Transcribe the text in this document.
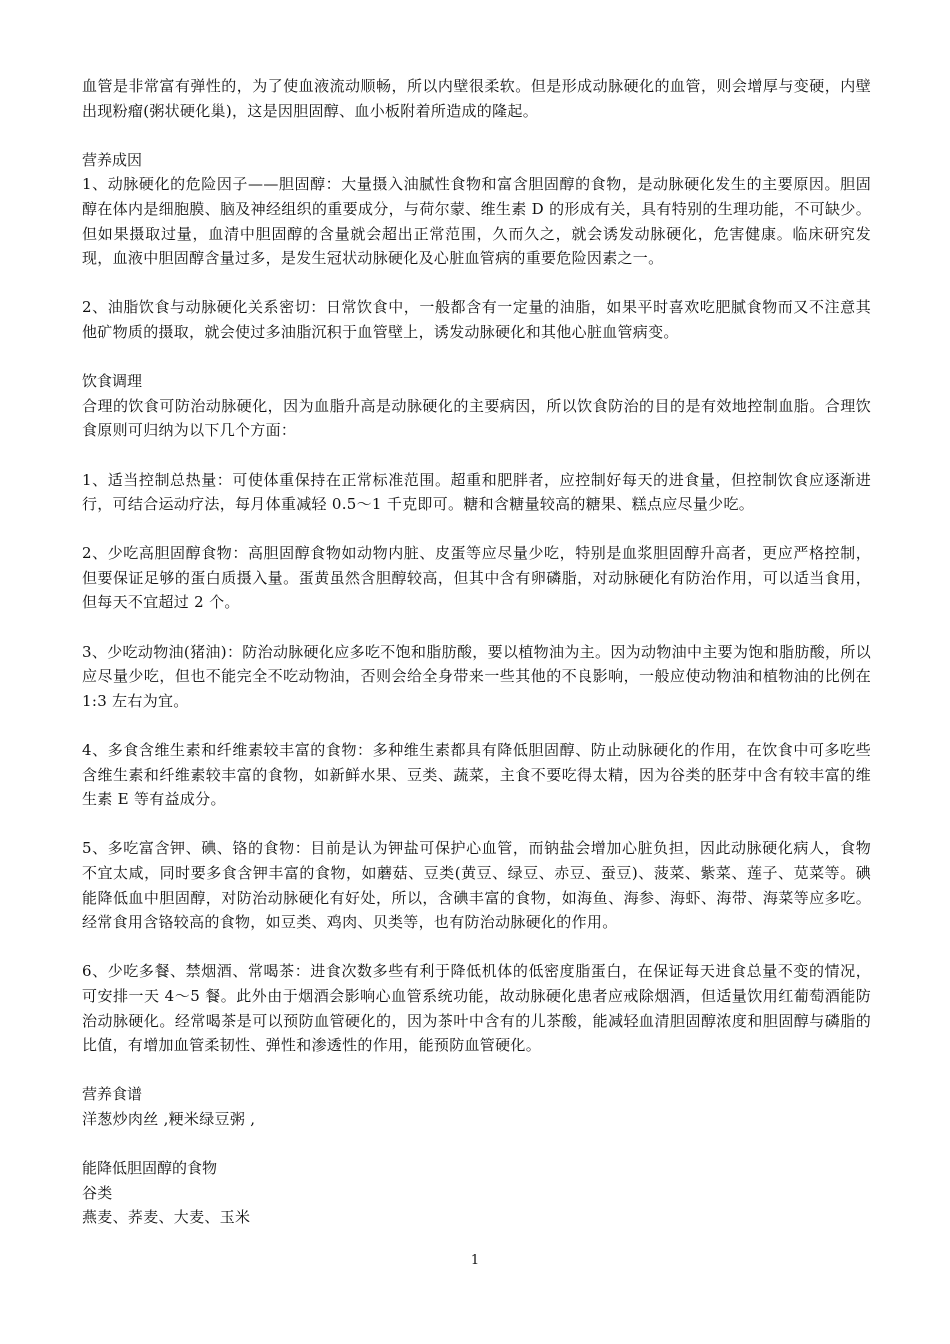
血管是非常富有弹性的，为了使血液流动顺畅，所以内壁很柔软。但是形成动脉硬化的血管，则会增厚与变硬，内壁出现粉瘤(粥状硬化巢)，这是因胆固醇、血小板附着所造成的隆起。

营养成因

1、动脉硬化的危险因子——胆固醇：大量摄入油腻性食物和富含胆固醇的食物，是动脉硬化发生的主要原因。胆固醇在体内是细胞膜、脑及神经组织的重要成分，与荷尔蒙、维生素 D 的形成有关，具有特别的生理功能，不可缺少。但如果摄取过量，血清中胆固醇的含量就会超出正常范围，久而久之，就会诱发动脉硬化，危害健康。临床研究发现，血液中胆固醇含量过多，是发生冠状动脉硬化及心脏血管病的重要危险因素之一。

2、油脂饮食与动脉硬化关系密切：日常饮食中，一般都含有一定量的油脂，如果平时喜欢吃肥腻食物而又不注意其他矿物质的摄取，就会使过多油脂沉积于血管壁上，诱发动脉硬化和其他心脏血管病变。

饮食调理

合理的饮食可防治动脉硬化，因为血脂升高是动脉硬化的主要病因，所以饮食防治的目的是有效地控制血脂。合理饮食原则可归纳为以下几个方面：

1、适当控制总热量：可使体重保持在正常标准范围。超重和肥胖者，应控制好每天的进食量，但控制饮食应逐渐进行，可结合运动疗法，每月体重减轻 0.5～1 千克即可。糖和含糖量较高的糖果、糕点应尽量少吃。

2、少吃高胆固醇食物：高胆固醇食物如动物内脏、皮蛋等应尽量少吃，特别是血浆胆固醇升高者，更应严格控制，但要保证足够的蛋白质摄入量。蛋黄虽然含胆醇较高，但其中含有卵磷脂，对动脉硬化有防治作用，可以适当食用，但每天不宜超过 2 个。

3、少吃动物油(猪油)：防治动脉硬化应多吃不饱和脂肪酸，要以植物油为主。因为动物油中主要为饱和脂肪酸，所以应尽量少吃，但也不能完全不吃动物油，否则会给全身带来一些其他的不良影响，一般应使动物油和植物油的比例在 1:3 左右为宜。

4、多食含维生素和纤维素较丰富的食物：多种维生素都具有降低胆固醇、防止动脉硬化的作用，在饮食中可多吃些含维生素和纤维素较丰富的食物，如新鲜水果、豆类、蔬菜，主食不要吃得太精，因为谷类的胚芽中含有较丰富的维生素 E 等有益成分。

5、多吃富含钾、碘、铬的食物：目前是认为钾盐可保护心血管，而钠盐会增加心脏负担，因此动脉硬化病人，食物不宜太咸，同时要多食含钾丰富的食物，如蘑菇、豆类(黄豆、绿豆、赤豆、蚕豆)、菠菜、紫菜、莲子、苋菜等。碘能降低血中胆固醇，对防治动脉硬化有好处，所以，含碘丰富的食物，如海鱼、海参、海虾、海带、海菜等应多吃。经常食用含铬较高的食物，如豆类、鸡肉、贝类等，也有防治动脉硬化的作用。

6、少吃多餐、禁烟酒、常喝茶：进食次数多些有利于降低机体的低密度脂蛋白，在保证每天进食总量不变的情况，可安排一天 4～5 餐。此外由于烟酒会影响心血管系统功能，故动脉硬化患者应戒除烟酒，但适量饮用红葡萄酒能防治动脉硬化。经常喝茶是可以预防血管硬化的，因为茶叶中含有的儿茶酸，能减轻血清胆固醇浓度和胆固醇与磷脂的比值，有增加血管柔韧性、弹性和渗透性的作用，能预防血管硬化。

营养食谱

洋葱炒肉丝 ,粳米绿豆粥 ,

能降低胆固醇的食物

谷类

燕麦、荞麦、大麦、玉米

1
